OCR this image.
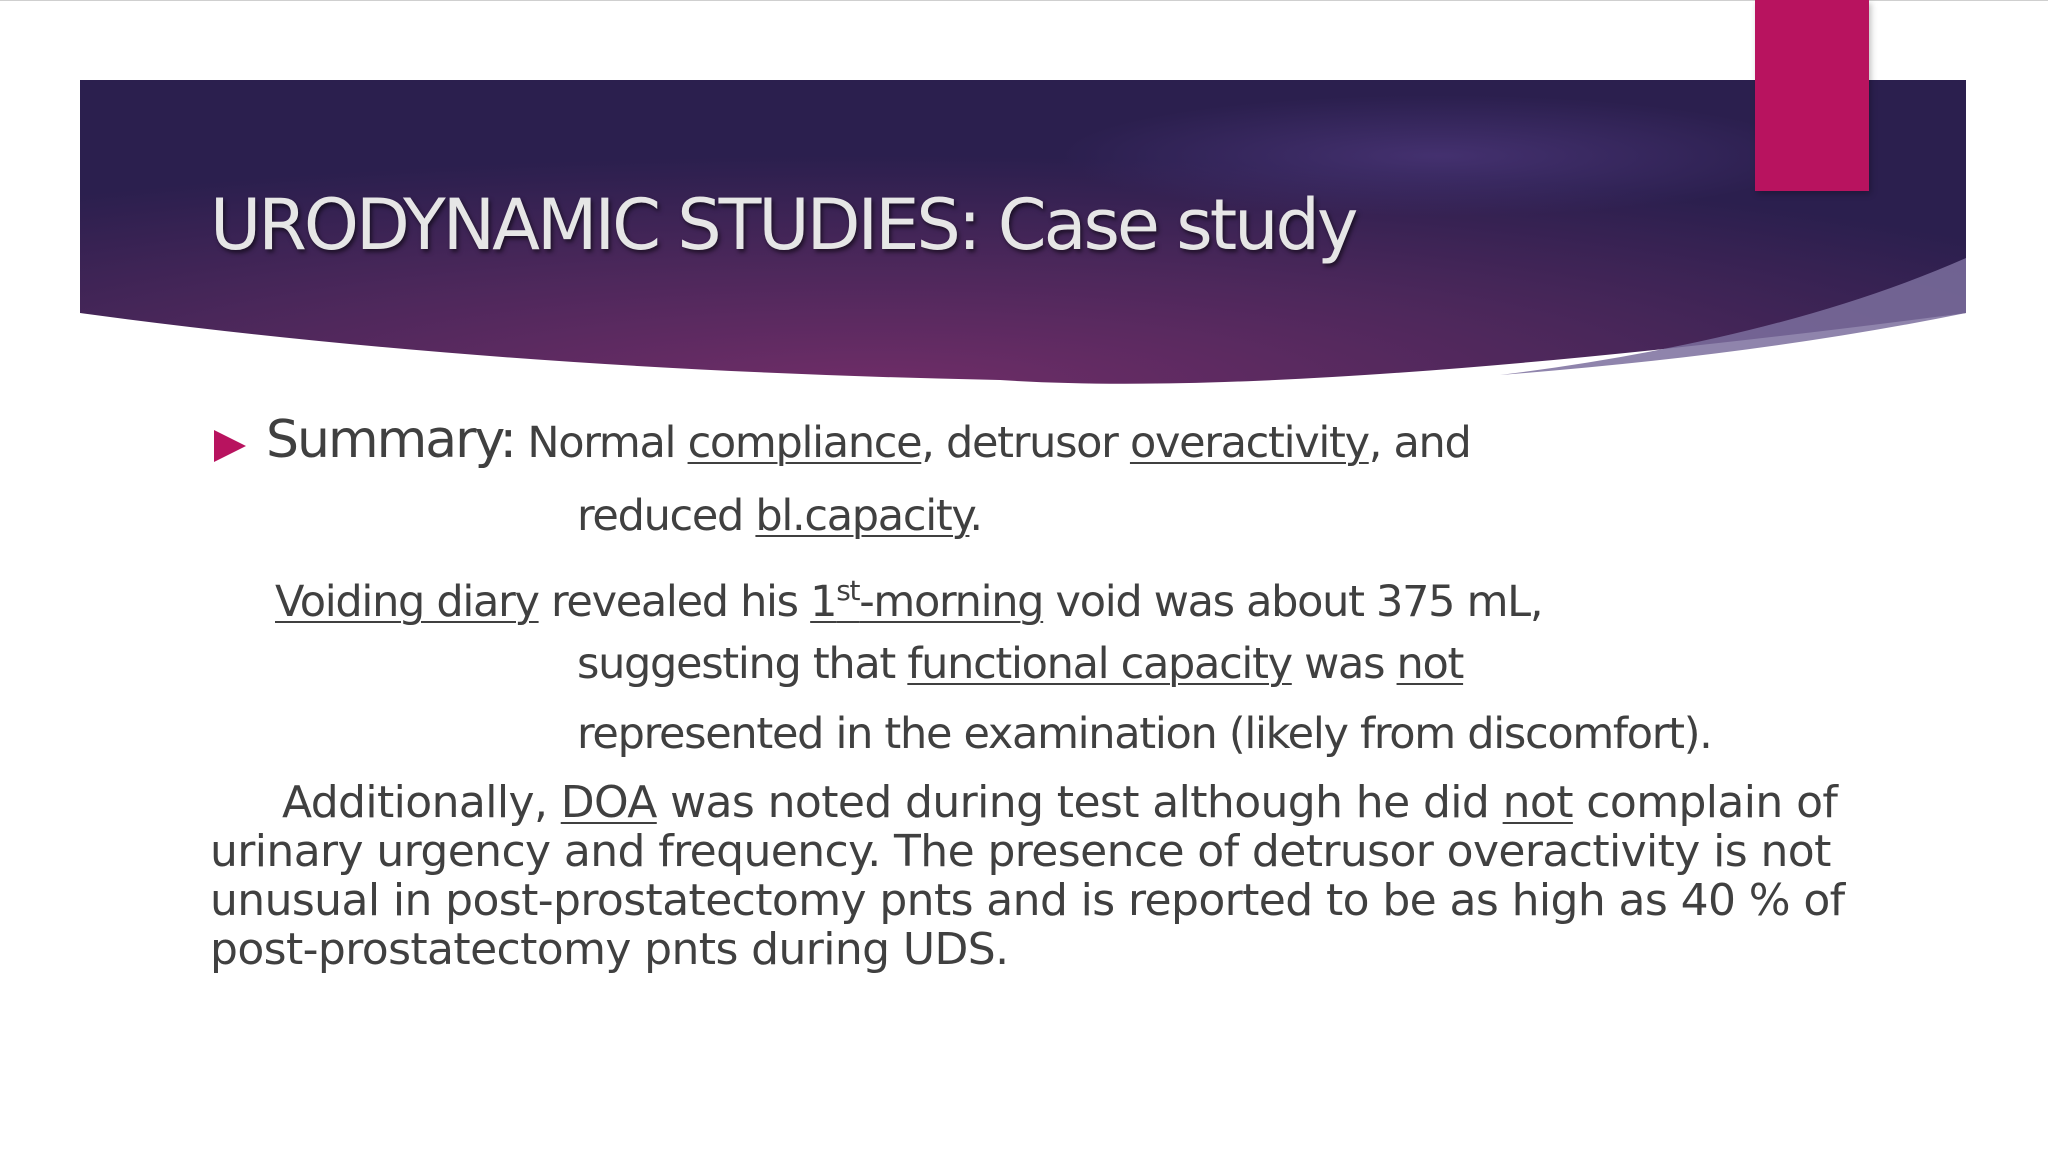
URODYNAMIC STUDIES: Case study

Summary: Normal compliance, detrusor overactivity, and

reduced bl.capacity.

Voiding diary revealed his 1st-morning void was about 375 mL,

suggesting that functional capacity was not

represented in the examination (likely from discomfort).

Additionally, DOA was noted during test although he did not complain of
urinary urgency and frequency. The presence of detrusor overactivity is not
unusual in post-prostatectomy pnts and is reported to be as high as 40 % of
post-prostatectomy pnts during UDS.
